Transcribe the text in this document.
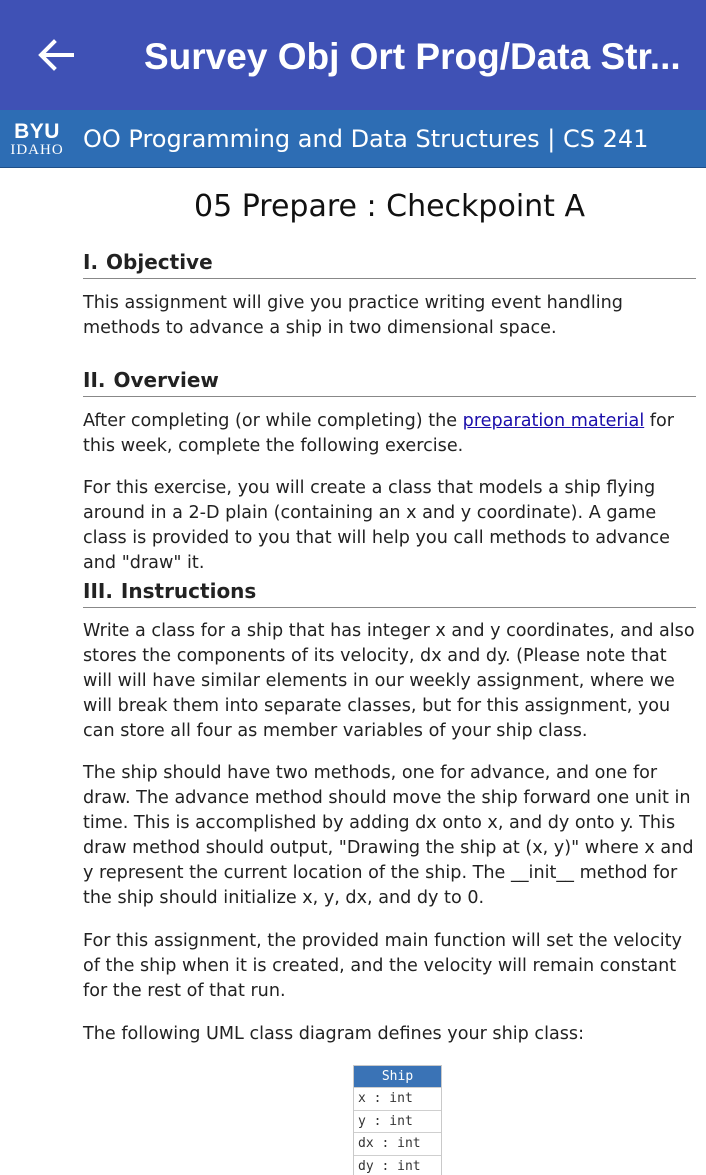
Survey Obj Ort Prog/Data Str...
BYU
IDAHO OO Programming and Data Structures | CS 241
05 Prepare : Checkpoint A
I. Objective
This assignment will give you practice writing event handling methods to advance a ship in two dimensional space.
II. Overview
After completing (or while completing) the preparation material for this week, complete the following exercise.
For this exercise, you will create a class that models a ship flying around in a 2-D plain (containing an x and y coordinate). A game class is provided to you that will help you call methods to advance and "draw" it.
III. Instructions
Write a class for a ship that has integer x and y coordinates, and also stores the components of its velocity, dx and dy. (Please note that will will have similar elements in our weekly assignment, where we will break them into separate classes, but for this assignment, you can store all four as member variables of your ship class.
The ship should have two methods, one for advance, and one for draw. The advance method should move the ship forward one unit in time. This is accomplished by adding dx onto x, and dy onto y. This draw method should output, "Drawing the ship at (x, y)" where x and y represent the current location of the ship. The __init__ method for the ship should initialize x, y, dx, and dy to 0.
For this assignment, the provided main function will set the velocity of the ship when it is created, and the velocity will remain constant for the rest of that run.
The following UML class diagram defines your ship class:
Ship
x : int
y : int
dx : int
dy : int
